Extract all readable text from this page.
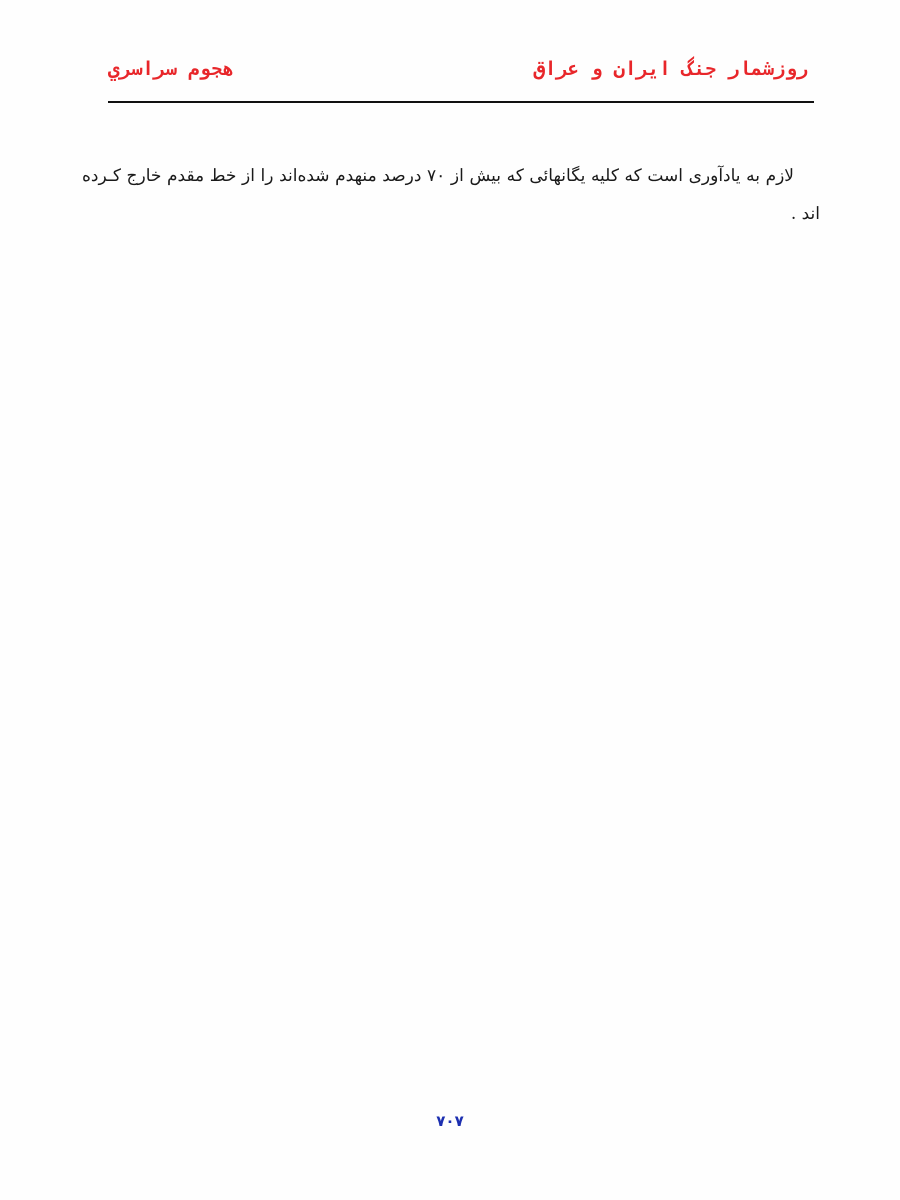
روزشمار جنگ ايران و عراق
هجوم سراسري

لازم به یادآوری است که کلیه یگانهائی که بیش از ۷۰ درصد منهدم شده‌اند را از خط مقدم خارج کـرده اند .

۷۰۷
